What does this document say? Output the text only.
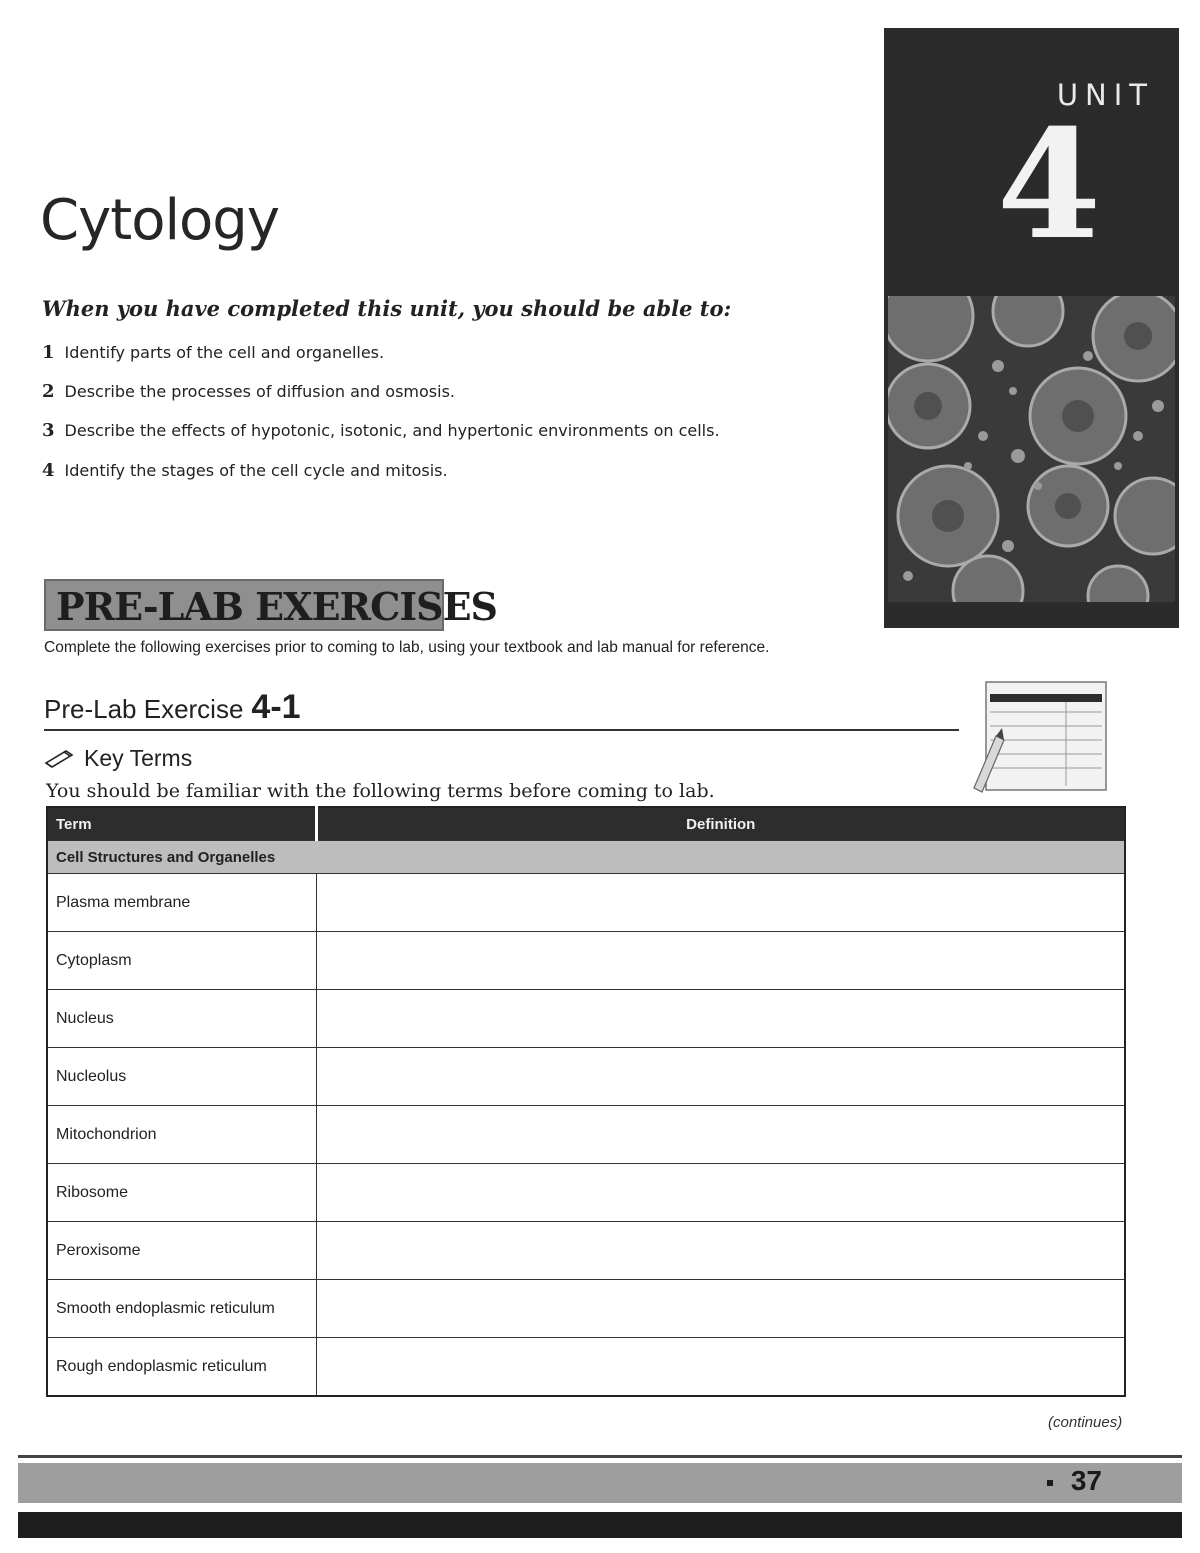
UNIT
4
Cytology
When you have completed this unit, you should be able to:
1 Identify parts of the cell and organelles.
2 Describe the processes of diffusion and osmosis.
3 Describe the effects of hypotonic, isotonic, and hypertonic environments on cells.
4 Identify the stages of the cell cycle and mitosis.
PRE-LAB EXERCISES
Complete the following exercises prior to coming to lab, using your textbook and lab manual for reference.
Pre-Lab Exercise 4-1
Key Terms
You should be familiar with the following terms before coming to lab.
Term	Definition
Cell Structures and Organelles	
Plasma membrane	
Cytoplasm	
Nucleus	
Nucleolus	
Mitochondrion	
Ribosome	
Peroxisome	
Smooth endoplasmic reticulum	
Rough endoplasmic reticulum	
(continues)
37
